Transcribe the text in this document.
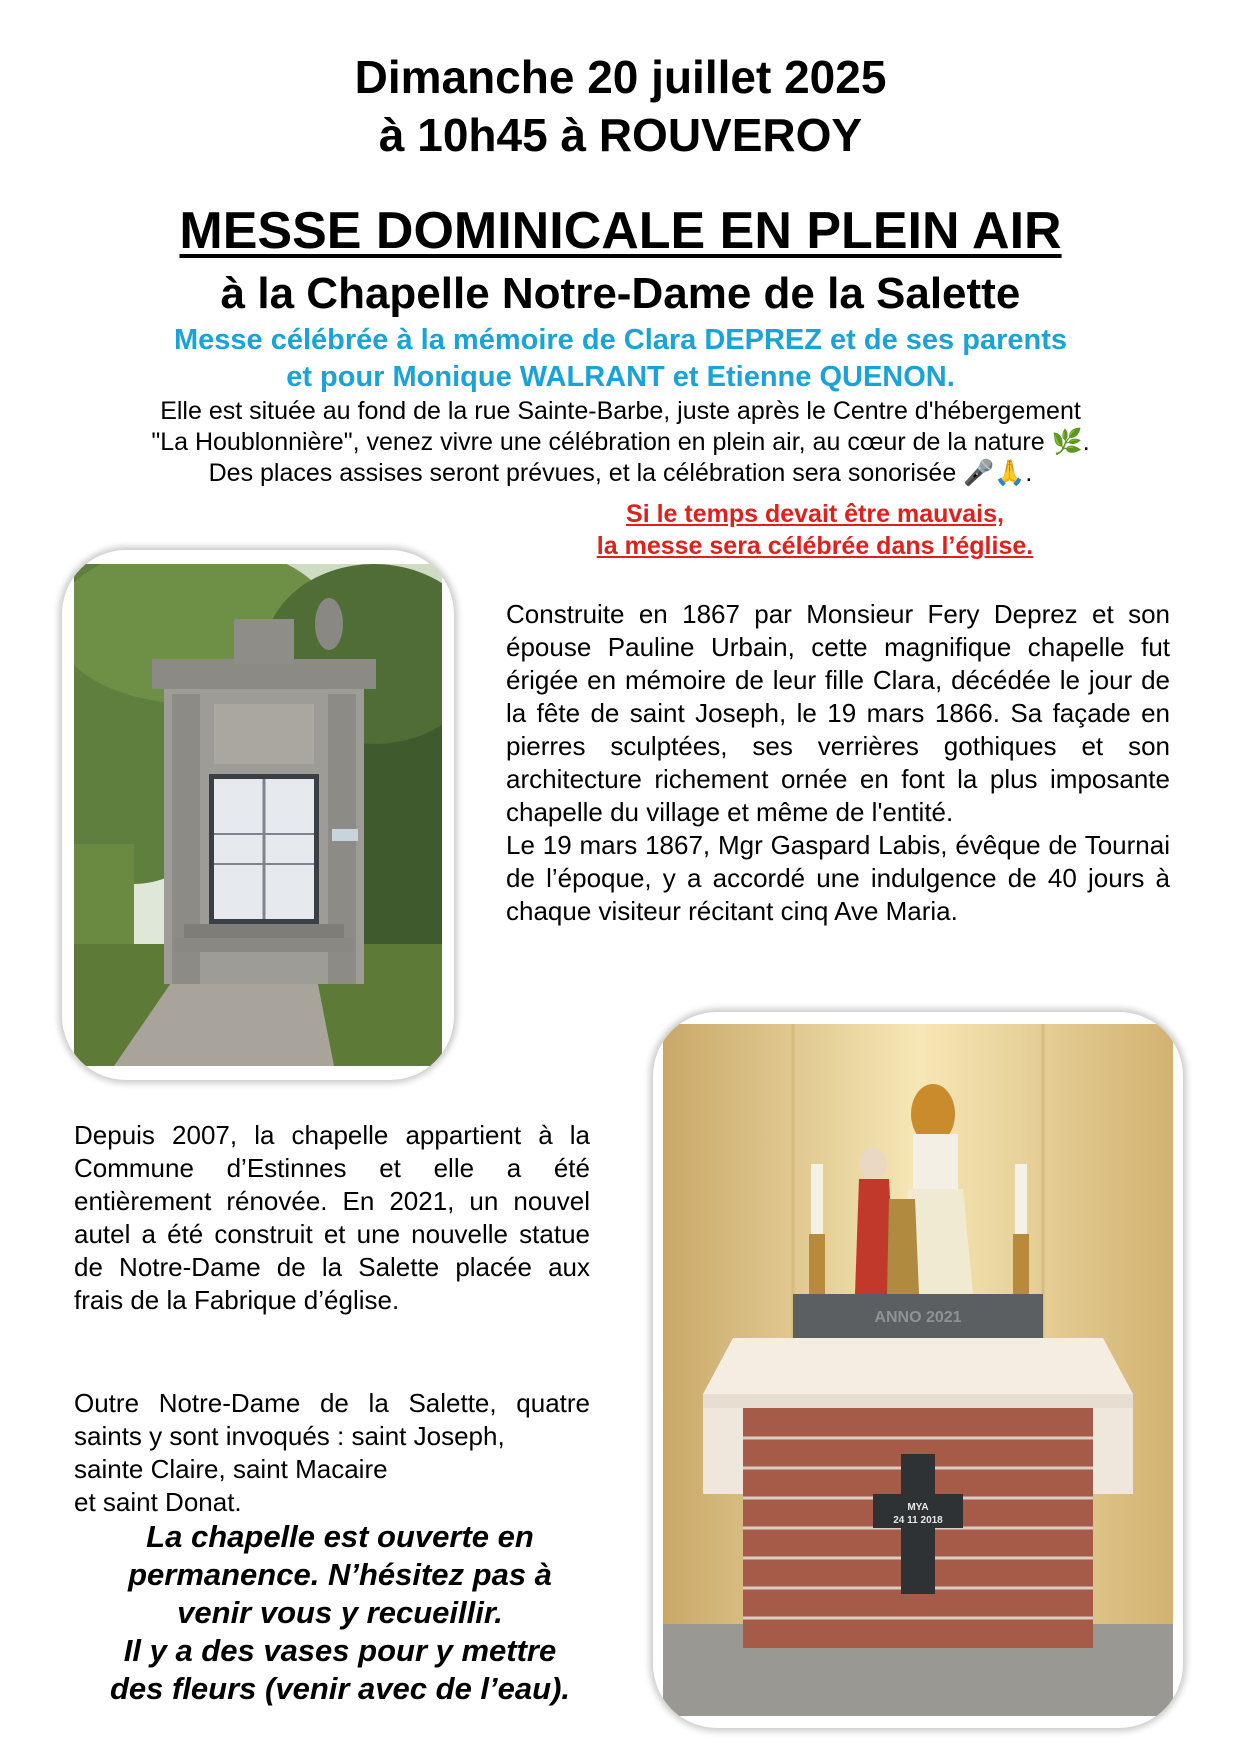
Dimanche 20 juillet 2025
à 10h45 à ROUVEROY
MESSE DOMINICALE EN PLEIN AIR
à la Chapelle Notre-Dame de la Salette
Messe célébrée à la mémoire de Clara DEPREZ et de ses parents
et pour Monique WALRANT et Etienne QUENON.
Elle est située au fond de la rue Sainte-Barbe, juste après le Centre d'hébergement
"La Houblonnière", venez vivre une célébration en plein air, au cœur de la nature 🌿.
Des places assises seront prévues, et la célébration sera sonorisée 🎤🙏.
Si le temps devait être mauvais,
la messe sera célébrée dans l’église.
Construite en 1867 par Monsieur Fery Deprez et son épouse Pauline Urbain, cette magnifique chapelle fut érigée en mémoire de leur fille Clara, décédée le jour de la fête de saint Joseph, le 19 mars 1866. Sa façade en pierres sculptées, ses verrières gothiques et son architecture richement ornée en font la plus imposante chapelle du village et même de l'entité.
Le 19 mars 1867, Mgr Gaspard Labis, évêque de Tournai de l’époque, y a accordé une indulgence de 40 jours à chaque visiteur récitant cinq Ave Maria.
ANNO 2021
MYA
24 11 2018
Depuis 2007, la chapelle appartient à la Commune d’Estinnes et elle a été entièrement rénovée. En 2021, un nouvel autel a été construit et une nouvelle statue de Notre-Dame de la Salette placée aux frais de la Fabrique d’église.
Outre Notre-Dame de la Salette, quatre saints y sont invoqués : saint Joseph,
sainte Claire, saint Macaire
et saint Donat.
La chapelle est ouverte en
permanence. N’hésitez pas à
venir vous y recueillir.
Il y a des vases pour y mettre
des fleurs (venir avec de l’eau).
